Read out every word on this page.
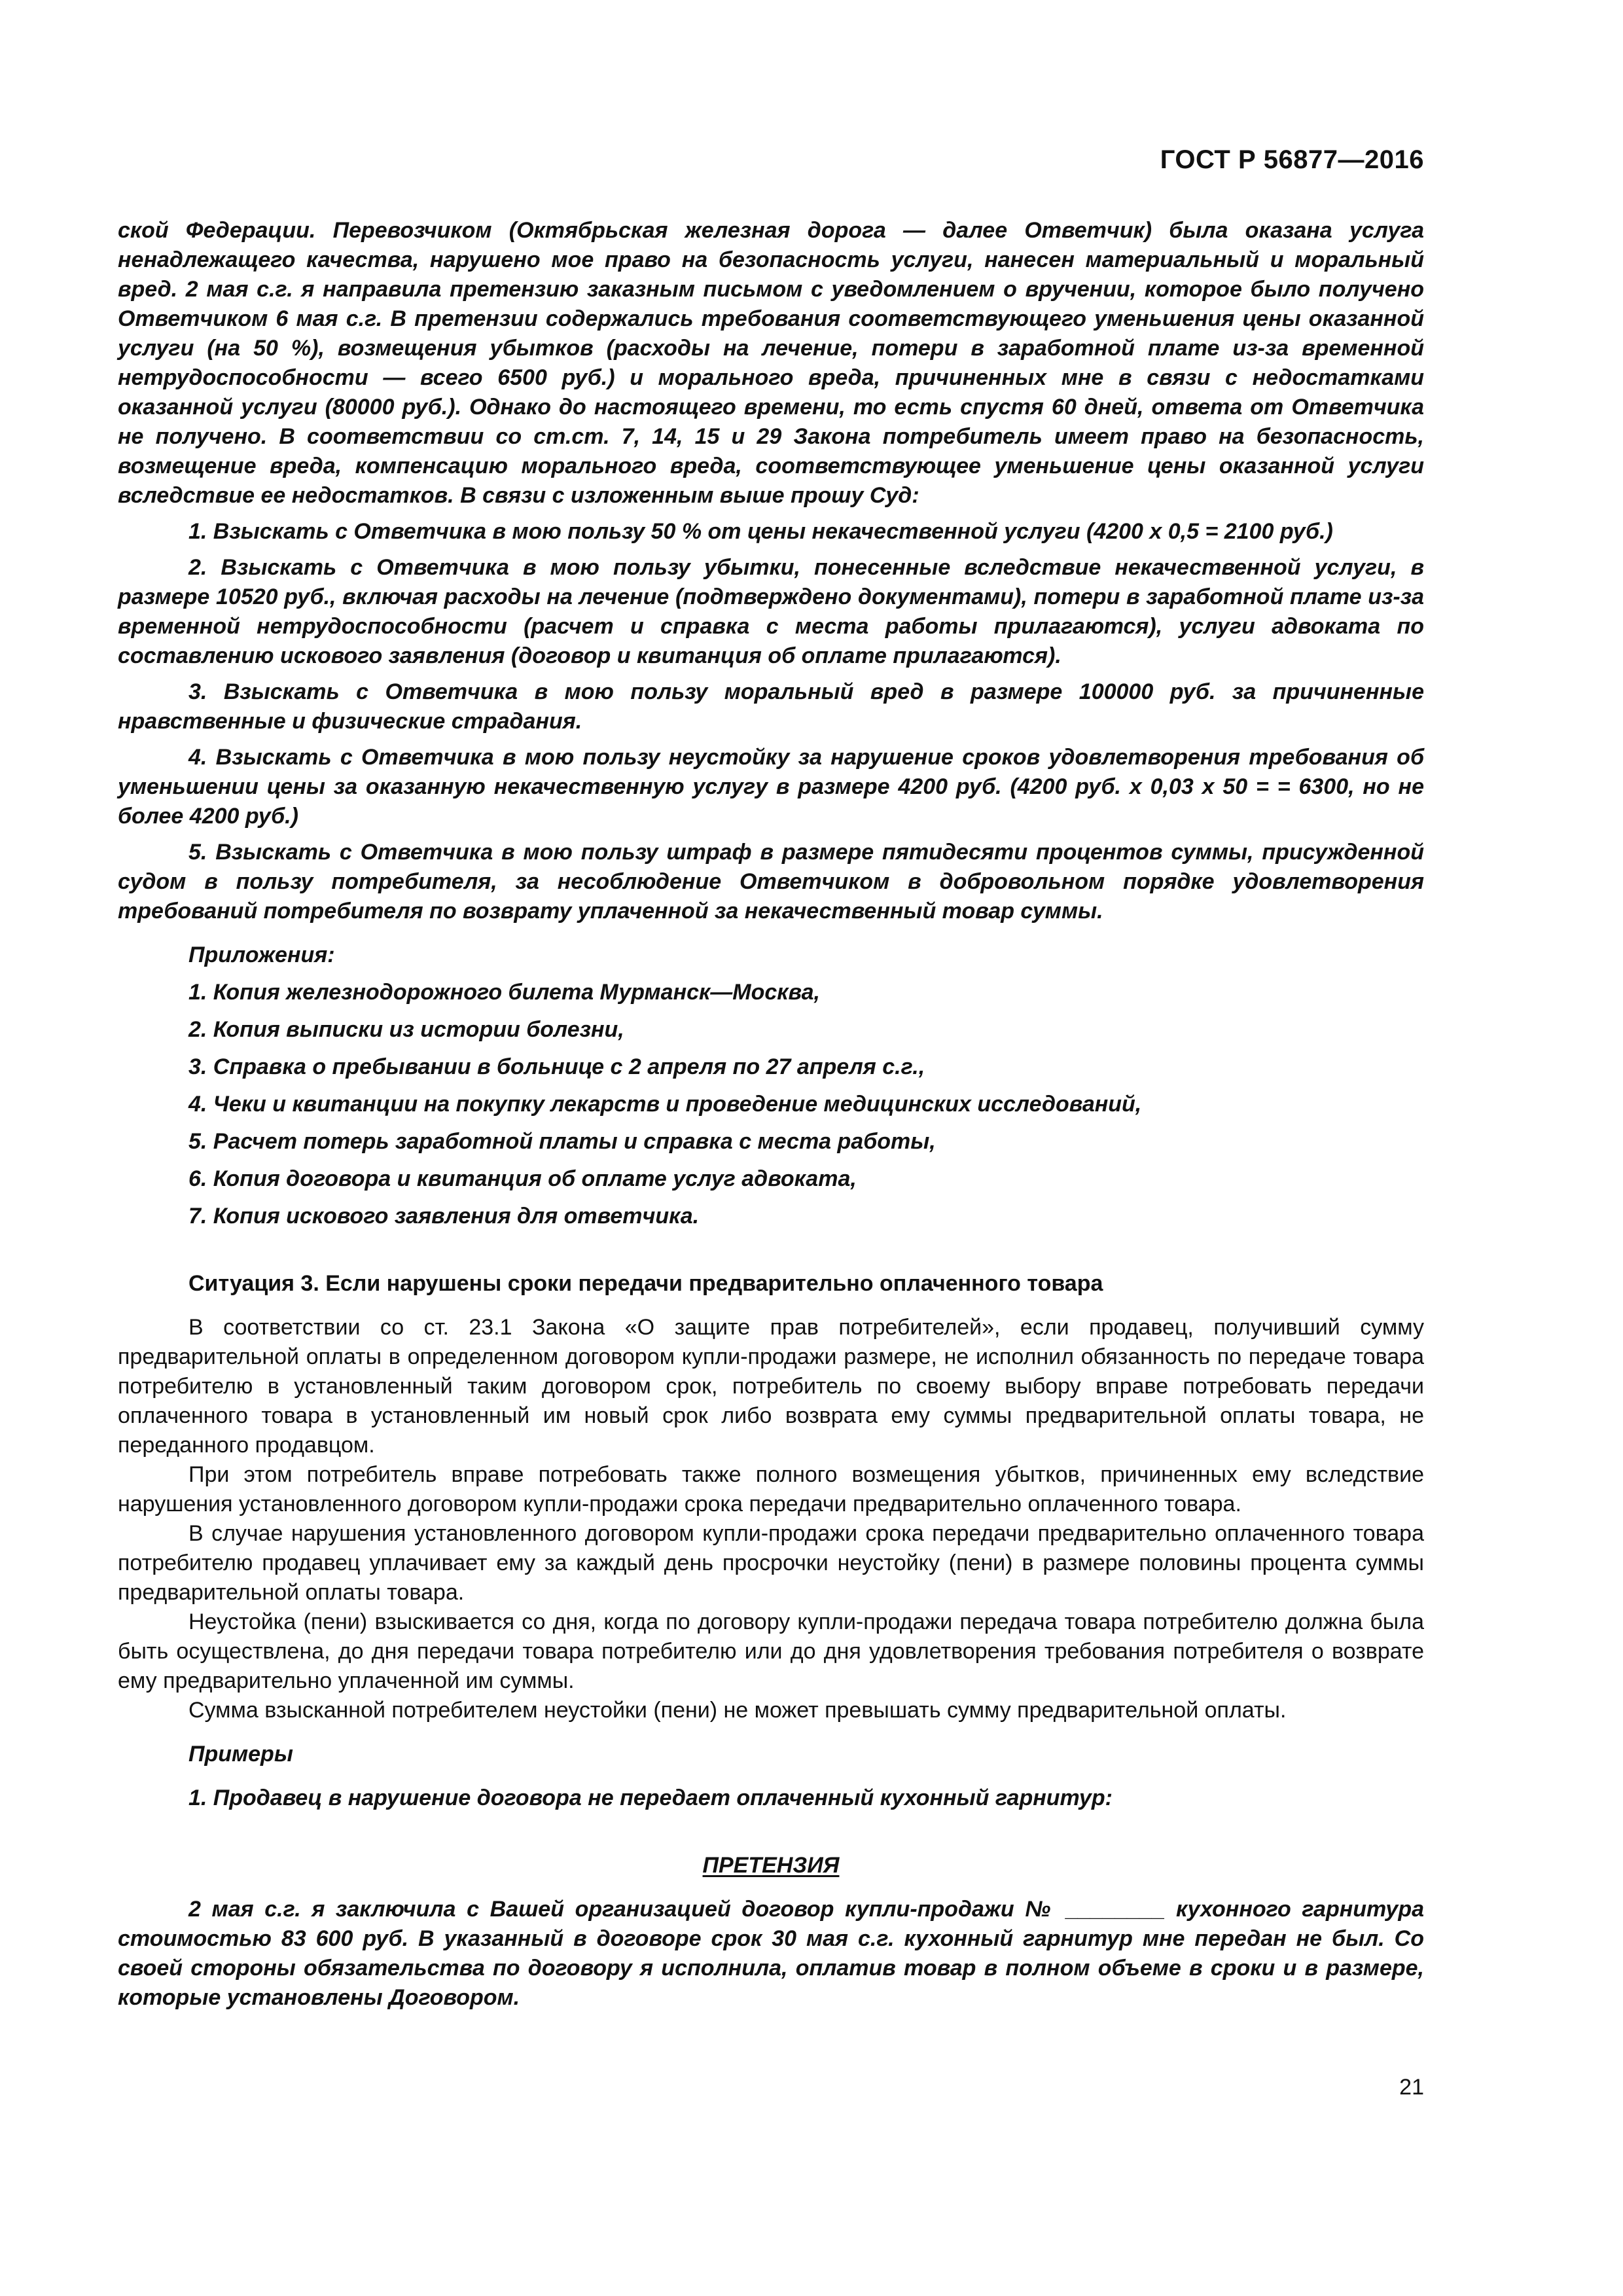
ГОСТ Р 56877—2016

ской Федерации. Перевозчиком (Октябрьская железная дорога — далее Ответчик) была оказана услуга ненадлежащего качества, нарушено мое право на безопасность услуги, нанесен материальный и моральный вред. 2 мая с.г. я направила претензию заказным письмом с уведомлением о вручении, которое было получено Ответчиком 6 мая с.г. В претензии содержались требования соответствующего уменьшения цены оказанной услуги (на 50 %), возмещения убытков (расходы на лечение, потери в заработной плате из-за временной нетрудоспособности — всего 6500 руб.) и морального вреда, причиненных мне в связи с недостатками оказанной услуги (80000 руб.). Однако до настоящего времени, то есть спустя 60 дней, ответа от Ответчика не получено. В соответствии со ст.ст. 7, 14, 15 и 29 Закона потребитель имеет право на безопасность, возмещение вреда, компенсацию морального вреда, соответствующее уменьшение цены оказанной услуги вследствие ее недостатков. В связи с изложенным выше прошу Суд:

1. Взыскать с Ответчика в мою пользу 50 % от цены некачественной услуги (4200 х 0,5 = 2100 руб.)

2. Взыскать с Ответчика в мою пользу убытки, понесенные вследствие некачественной услуги, в размере 10520 руб., включая расходы на лечение (подтверждено документами), потери в заработной плате из-за временной нетрудоспособности (расчет и справка с места работы прилагаются), услуги адвоката по составлению искового заявления (договор и квитанция об оплате прилагаются).

3. Взыскать с Ответчика в мою пользу моральный вред в размере 100000 руб. за причиненные нравственные и физические страдания.

4. Взыскать с Ответчика в мою пользу неустойку за нарушение сроков удовлетворения требования об уменьшении цены за оказанную некачественную услугу в размере 4200 руб. (4200 руб. х 0,03 х 50 = = 6300, но не более 4200 руб.)

5. Взыскать с Ответчика в мою пользу штраф в размере пятидесяти процентов суммы, присужденной судом в пользу потребителя, за несоблюдение Ответчиком в добровольном порядке удовлетворения требований потребителя по возврату уплаченной за некачественный товар суммы.

Приложения:

1. Копия железнодорожного билета Мурманск—Москва,

2. Копия выписки из истории болезни,

3. Справка о пребывании в больнице с 2 апреля по 27 апреля с.г.,

4. Чеки и квитанции на покупку лекарств и проведение медицинских исследований,

5. Расчет потерь заработной платы и справка с места работы,

6. Копия договора и квитанция об оплате услуг адвоката,

7. Копия искового заявления для ответчика.

Ситуация 3. Если нарушены сроки передачи предварительно оплаченного товара

В соответствии со ст. 23.1 Закона «О защите прав потребителей», если продавец, получивший сумму предварительной оплаты в определенном договором купли-продажи размере, не исполнил обязанность по передаче товара потребителю в установленный таким договором срок, потребитель по своему выбору вправе потребовать передачи оплаченного товара в установленный им новый срок либо возврата ему суммы предварительной оплаты товара, не переданного продавцом.

При этом потребитель вправе потребовать также полного возмещения убытков, причиненных ему вследствие нарушения установленного договором купли-продажи срока передачи предварительно оплаченного товара.

В случае нарушения установленного договором купли-продажи срока передачи предварительно оплаченного товара потребителю продавец уплачивает ему за каждый день просрочки неустойку (пени) в размере половины процента суммы предварительной оплаты товара.

Неустойка (пени) взыскивается со дня, когда по договору купли-продажи передача товара потребителю должна была быть осуществлена, до дня передачи товара потребителю или до дня удовлетворения требования потребителя о возврате ему предварительно уплаченной им суммы.

Сумма взысканной потребителем неустойки (пени) не может превышать сумму предварительной оплаты.

Примеры

1. Продавец в нарушение договора не передает оплаченный кухонный гарнитур:

ПРЕТЕНЗИЯ

2 мая с.г. я заключила с Вашей организацией договор купли-продажи № ________ кухонного гарнитура стоимостью 83 600 руб. В указанный в договоре срок 30 мая с.г. кухонный гарнитур мне передан не был. Со своей стороны обязательства по договору я исполнила, оплатив товар в полном объеме в сроки и в размере, которые установлены Договором.

21
